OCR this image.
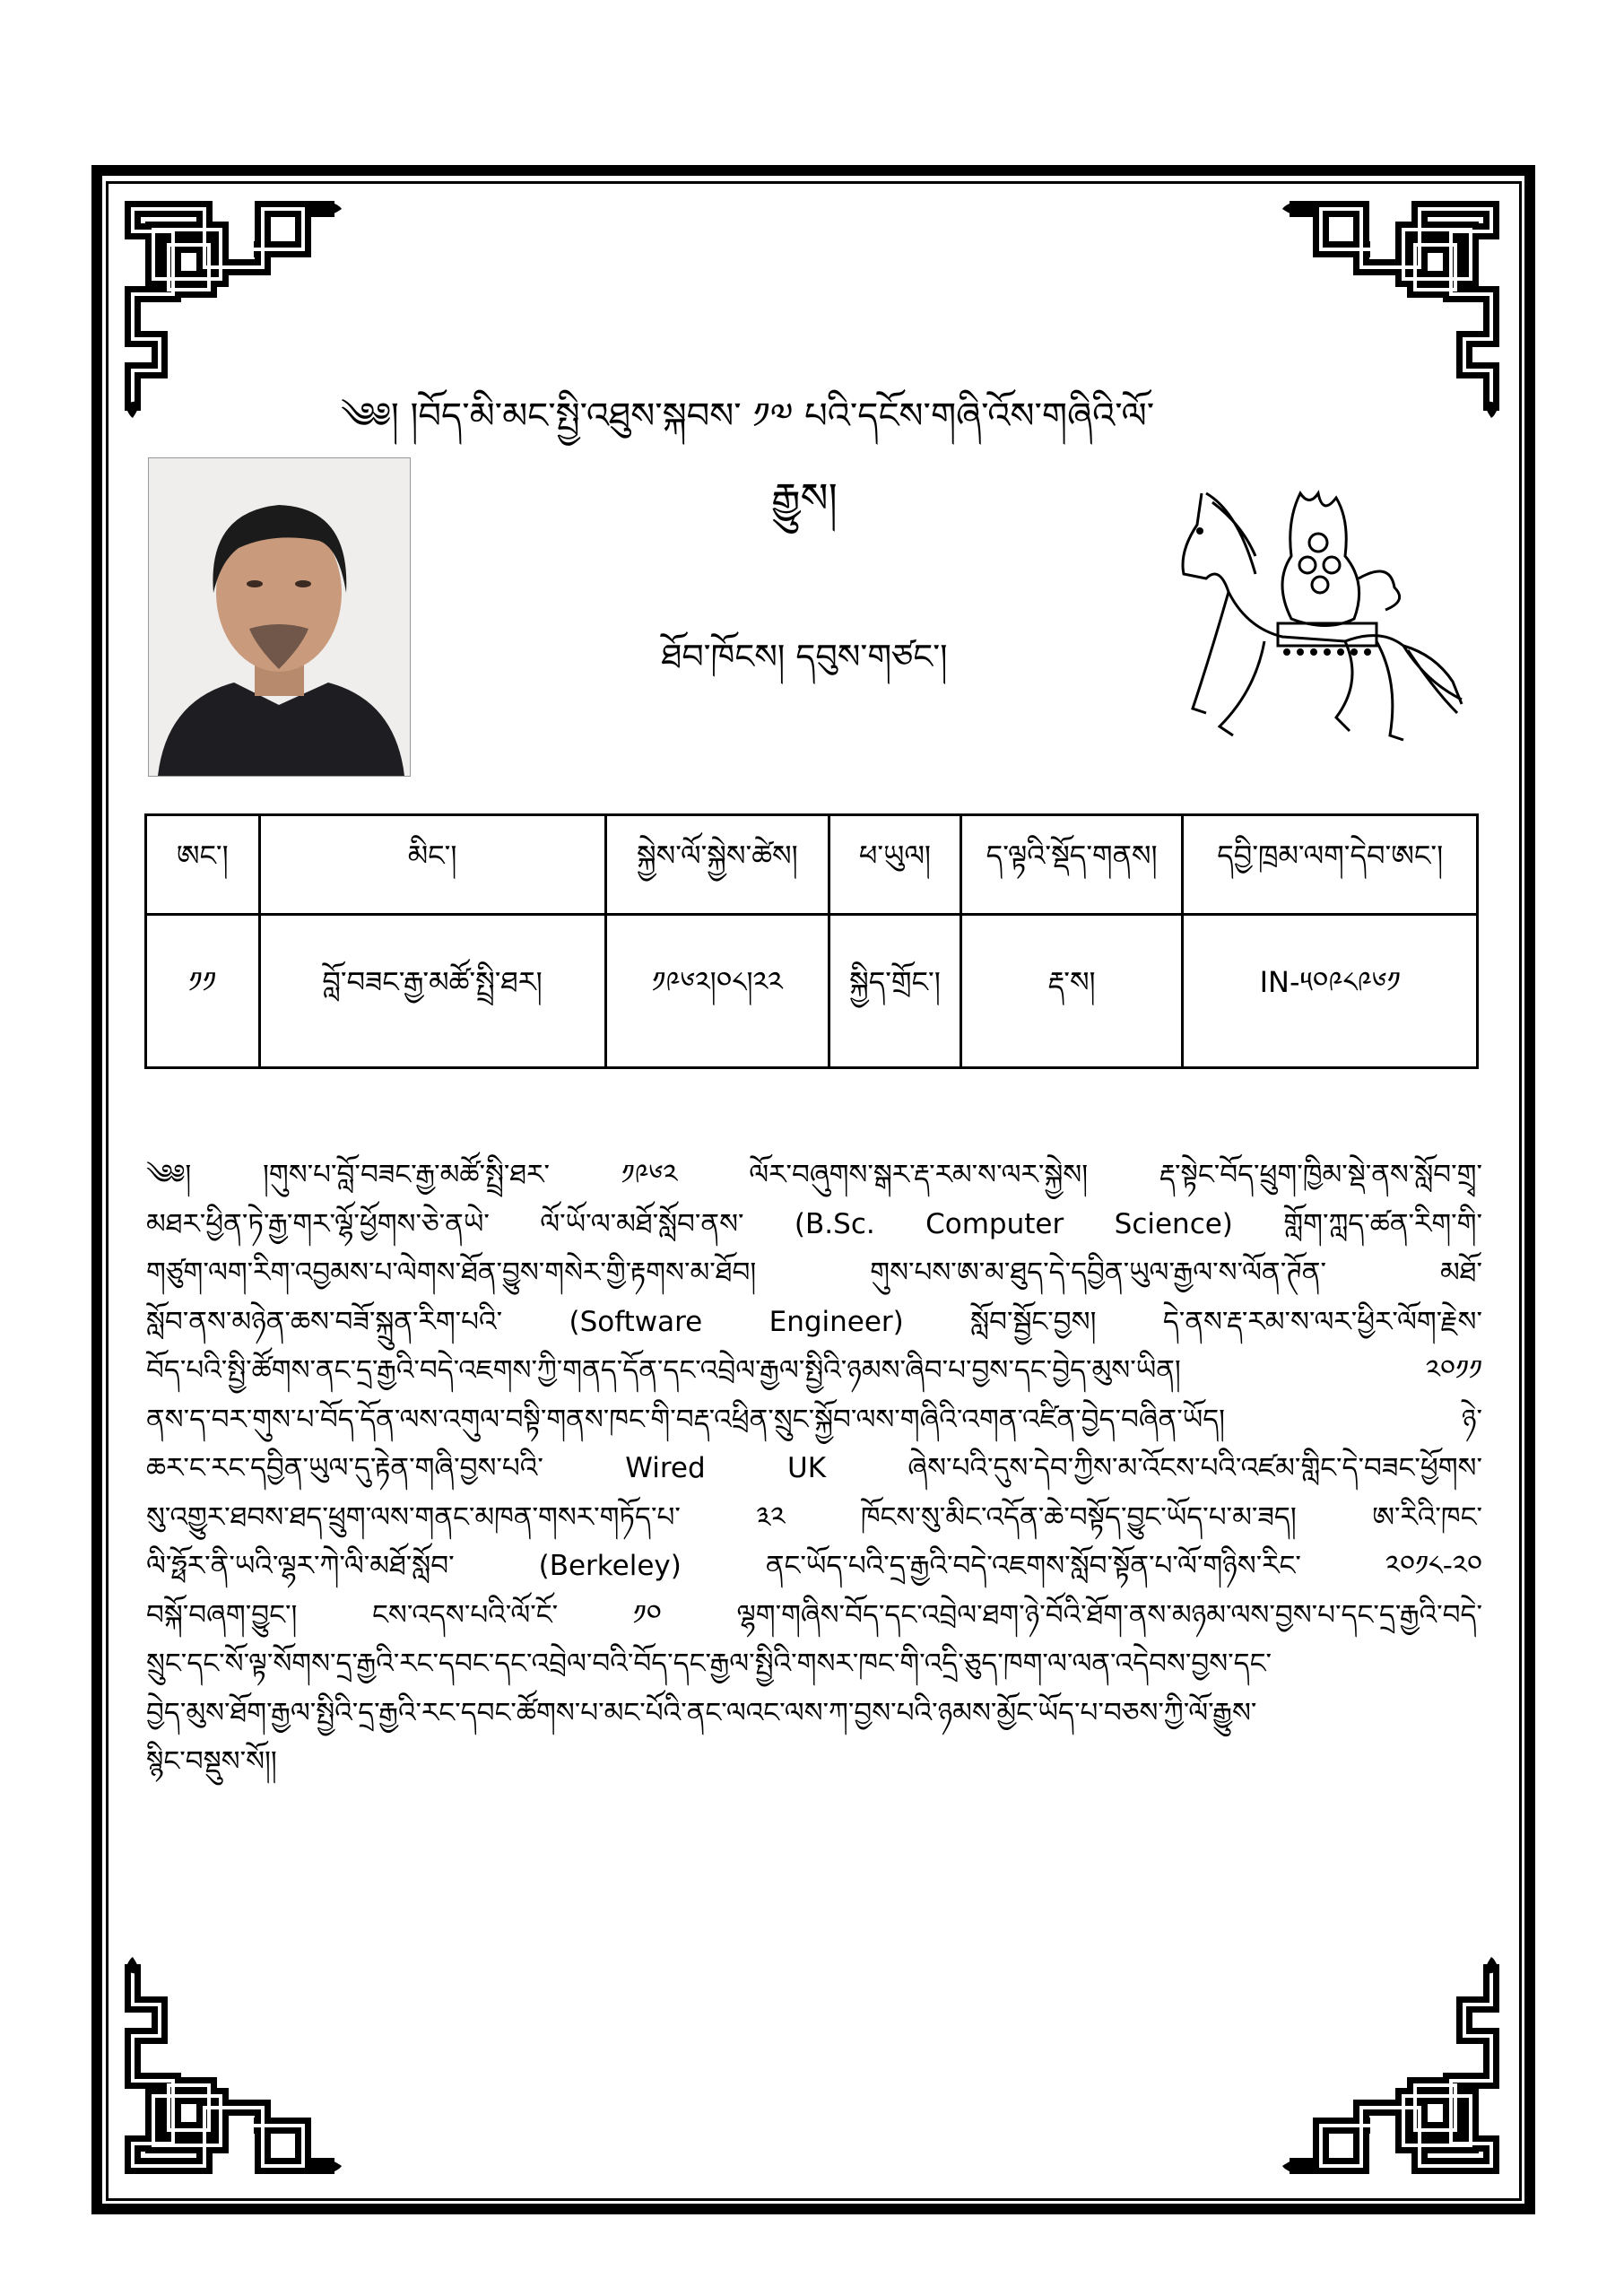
༄༅། །བོད་མི་མང་སྤྱི་འཐུས་སྐབས་ ༡༧ པའི་དངོས་གཞི་འོས་གཞིའི་ལོ་
རྒྱུས།
ཐོབ་ཁོངས། དབུས་གཙང་།
ཨང་།	མིང་།	སྐྱེས་ལོ་སྐྱེས་ཚེས།	ཕ་ཡུལ།	ད་ལྟའི་སྡོད་གནས།	དབྱི་ཁྲམ་ལག་དེབ་ཨང་།
༡༡	བློ་བཟང་རྒྱ་མཚོ་སྤྲི་ཐར།	༡༩༦༢།༠༨།༢༢	སྐྱིད་གྲོང་།	རྡ་ས།	IN-༥༠༩༨༩༦༡
༄༅། །གུས་པ་བློ་བཟང་རྒྱ་མཚོ་སྤྲི་ཐར་ ༡༩༦༢ ལོར་བཞུགས་སྒར་རྡ་རམ་ས་ལར་སྐྱེས། རྡ་སྟེང་བོད་ཕྲུག་ཁྱིམ་སྡེ་ནས་སློབ་གྲྭ་
མཐར་ཕྱིན་ཏེ་རྒྱ་གར་ལྷོ་ཕྱོགས་ཅེ་ནཡེ་ ལོ་ཡོ་ལ་མཐོ་སློབ་ནས་ (B.Sc. Computer Science) གློག་ཀླད་ཚན་རིག་གི་
གཙུག་ལག་རིག་འབྱམས་པ་ལེགས་ཐོན་བྱུས་གསེར་གྱི་རྟགས་མ་ཐོབ། གུས་པས་ཨ་མ་ཐུད་དེ་དབྱིན་ཡུལ་རྒྱལ་ས་ལོན་ཊོན་ མཐོ་
སློབ་ནས་མཉེན་ཆས་བཟོ་སྐྲུན་རིག་པའི་ (Software Engineer) སློབ་སྦྱོང་བྱས། དེ་ནས་རྡ་རམ་ས་ལར་ཕྱིར་ལོག་རྗེས་
བོད་པའི་སྤྱི་ཚོགས་ནང་དྲ་རྒྱའི་བདེ་འཇགས་ཀྱི་གནད་དོན་དང་འབྲེལ་རྒྱལ་སྤྱིའི་ཉམས་ཞིབ་པ་བྱས་དང་བྱེད་མུས་ཡིན། ༢༠༡༡
ནས་ད་བར་གུས་པ་བོད་དོན་ལས་འགུལ་བསྟི་གནས་ཁང་གི་བརྡ་འཕྲིན་སྲུང་སྐྱོབ་ལས་གཞིའི་འགན་འཛིན་བྱེད་བཞིན་ཡོད། ཉེ་
ཆར་ང་རང་དབྱིན་ཡུལ་དུ་རྟེན་གཞི་བྱས་པའི་ Wired UK ཞེས་པའི་དུས་དེབ་ཀྱིས་མ་འོངས་པའི་འཛམ་གླིང་དེ་བཟང་ཕྱོགས་
སུ་འགྱུར་ཐབས་ཐད་ཕྲུག་ལས་གནང་མཁན་གསར་གཏོད་པ་ ༣༢ ཁོངས་སུ་མིང་འདོན་ཆེ་བསྟོད་བྱུང་ཡོད་པ་མ་ཟད། ཨ་རིའི་ཁང་
ལི་ཧྥོར་ནི་ཡའི་ལྷར་ཀེ་ལི་མཐོ་སློབ་ (Berkeley) ནང་ཡོད་པའི་དྲ་རྒྱའི་བདེ་འཇགས་སློབ་སྟོན་པ་ལོ་གཉིས་རིང་ ༢༠༡༨-༢༠
བསྐོ་བཞག་བྱུང་། ངས་འདས་པའི་ལོ་ངོ་ ༡༠ ལྷག་གཞིས་བོད་དང་འབྲེལ་ཐག་ཉེ་བོའི་ཐོག་ནས་མཉམ་ལས་བྱས་པ་དང་དྲ་རྒྱའི་བདེ་
སྲུང་དང་སོ་ལྟ་སོགས་དྲ་རྒྱའི་རང་དབང་དང་འབྲེལ་བའི་བོད་དང་རྒྱལ་སྤྱིའི་གསར་ཁང་གི་འདྲི་ཅུད་ཁག་ལ་ལན་འདེབས་བྱས་དང་
བྱེད་མུས་ཐོག་རྒྱལ་སྤྱིའི་དྲ་རྒྱའི་རང་དབང་ཚོགས་པ་མང་པོའི་ནང་ལའང་ལས་ཀ་བྱས་པའི་ཉམས་མྱོང་ཡོད་པ་བཅས་ཀྱི་ལོ་རྒྱུས་
སྙིང་བསྡུས་སོ།།
